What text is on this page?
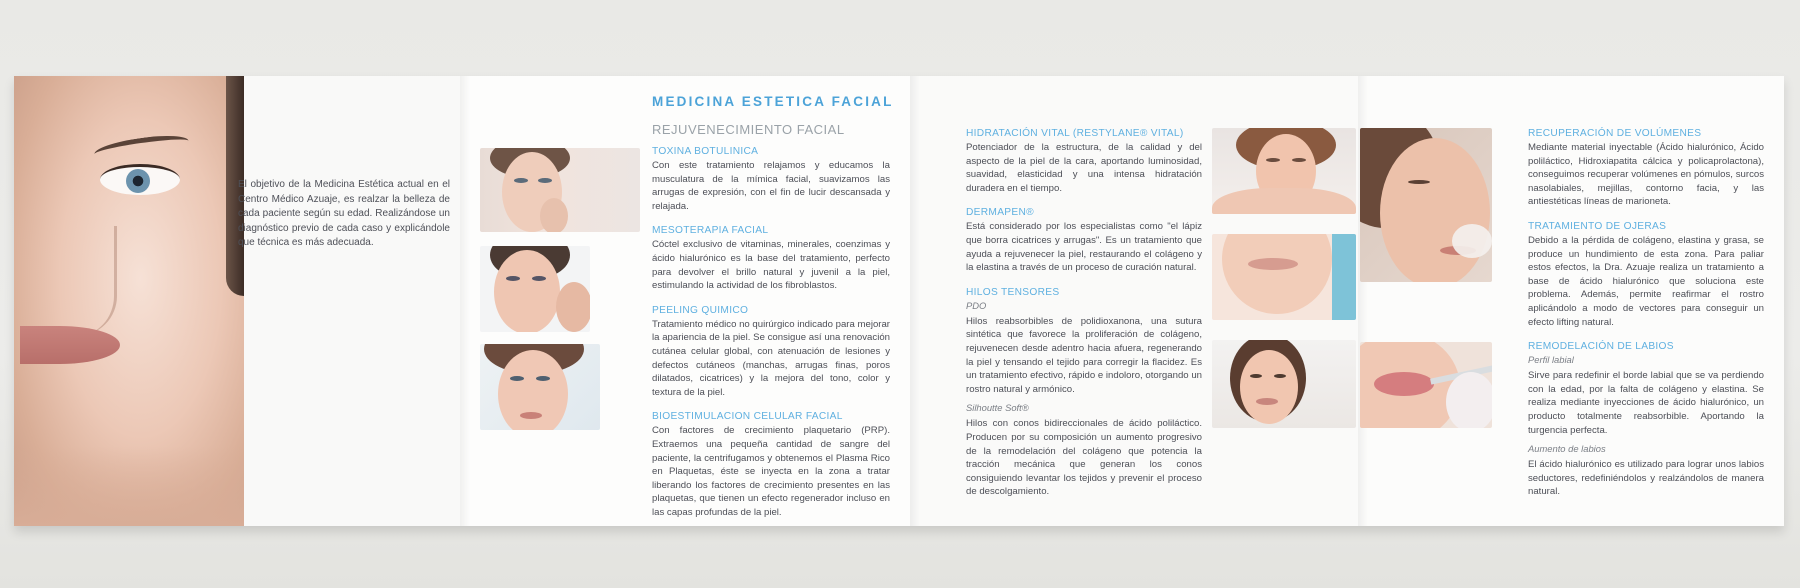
El objetivo de la Medicina Estética actual en el Centro Médico Azuaje, es realzar la belleza de cada paciente según su edad. Realizándose un diagnóstico previo de cada caso y explicándole que técnica es más adecuada.

MEDICINA ESTETICA FACIAL
REJUVENECIMIENTO FACIAL
TOXINA BOTULINICA

Con este tratamiento relajamos y educamos la musculatura de la mímica facial, suavizamos las arrugas de expresión, con el fin de lucir descansada y relajada.

MESOTERAPIA FACIAL

Cóctel exclusivo de vitaminas, minerales, coenzimas y ácido hialurónico es la base del tratamiento, perfecto para devolver el brillo natural y juvenil a la piel, estimulando la actividad de los fibroblastos.

PEELING QUIMICO

Tratamiento médico no quirúrgico indicado para mejorar la apariencia de la piel. Se consigue así una renovación cutánea celular global, con atenuación de lesiones y defectos cutáneos (manchas, arrugas finas, poros dilatados, cicatrices) y la mejora del tono, color y textura de la piel.

BIOESTIMULACION CELULAR FACIAL

Con factores de crecimiento plaquetario (PRP). Extraemos una pequeña cantidad de sangre del paciente, la centrifugamos y obtenemos el Plasma Rico en Plaquetas, éste se inyecta en la zona a tratar liberando los factores de crecimiento presentes en las plaquetas, que tienen un efecto regenerador incluso en las capas profundas de la piel.

HIDRATACIÓN VITAL (RESTYLANE® VITAL)

Potenciador de la estructura, de la calidad y del aspecto de la piel de la cara, aportando luminosidad, suavidad, elasticidad y una intensa hidratación duradera en el tiempo.

DERMAPEN®

Está considerado por los especialistas como "el lápiz que borra cicatrices y arrugas". Es un tratamiento que ayuda a rejuvenecer la piel, restaurando el colágeno y la elastina a través de un proceso de curación natural.

HILOS TENSORES
PDO

Hilos reabsorbibles de polidioxanona, una sutura sintética que favorece la proliferación de colágeno, rejuvenecen desde adentro hacia afuera, regenerando la piel y tensando el tejido para corregir la flacidez. Es un tratamiento efectivo, rápido e indoloro, otorgando un rostro natural y armónico.

Silhoutte Soft®

Hilos con conos bidireccionales de ácido poliláctico. Producen por su composición un aumento progresivo de la remodelación del colágeno que potencia la tracción mecánica que generan los conos consiguiendo levantar los tejidos y prevenir el proceso de descolgamiento.

RECUPERACIÓN DE VOLÚMENES

Mediante material inyectable (Ácido hialurónico, Ácido poliláctico, Hidroxiapatita cálcica y policaprolactona), conseguimos recuperar volúmenes en pómulos, surcos nasolabiales, mejillas, contorno facia, y las antiestéticas líneas de marioneta.

TRATAMIENTO DE OJERAS

Debido a la pérdida de colágeno, elastina y grasa, se produce un hundimiento de esta zona. Para paliar estos efectos, la Dra. Azuaje realiza un tratamiento a base de ácido hialurónico que soluciona este problema. Además, permite reafirmar el rostro aplicándolo a modo de vectores para conseguir un efecto lifting natural.

REMODELACIÓN DE LABIOS
Perfil labial

Sirve para redefinir el borde labial que se va perdiendo con la edad, por la falta de colágeno y elastina. Se realiza mediante inyecciones de ácido hialurónico, un producto totalmente reabsorbible. Aportando la turgencia perfecta.

Aumento de labios

El ácido hialurónico es utilizado para lograr unos labios seductores, redefiniéndolos y realzándolos de manera natural.
